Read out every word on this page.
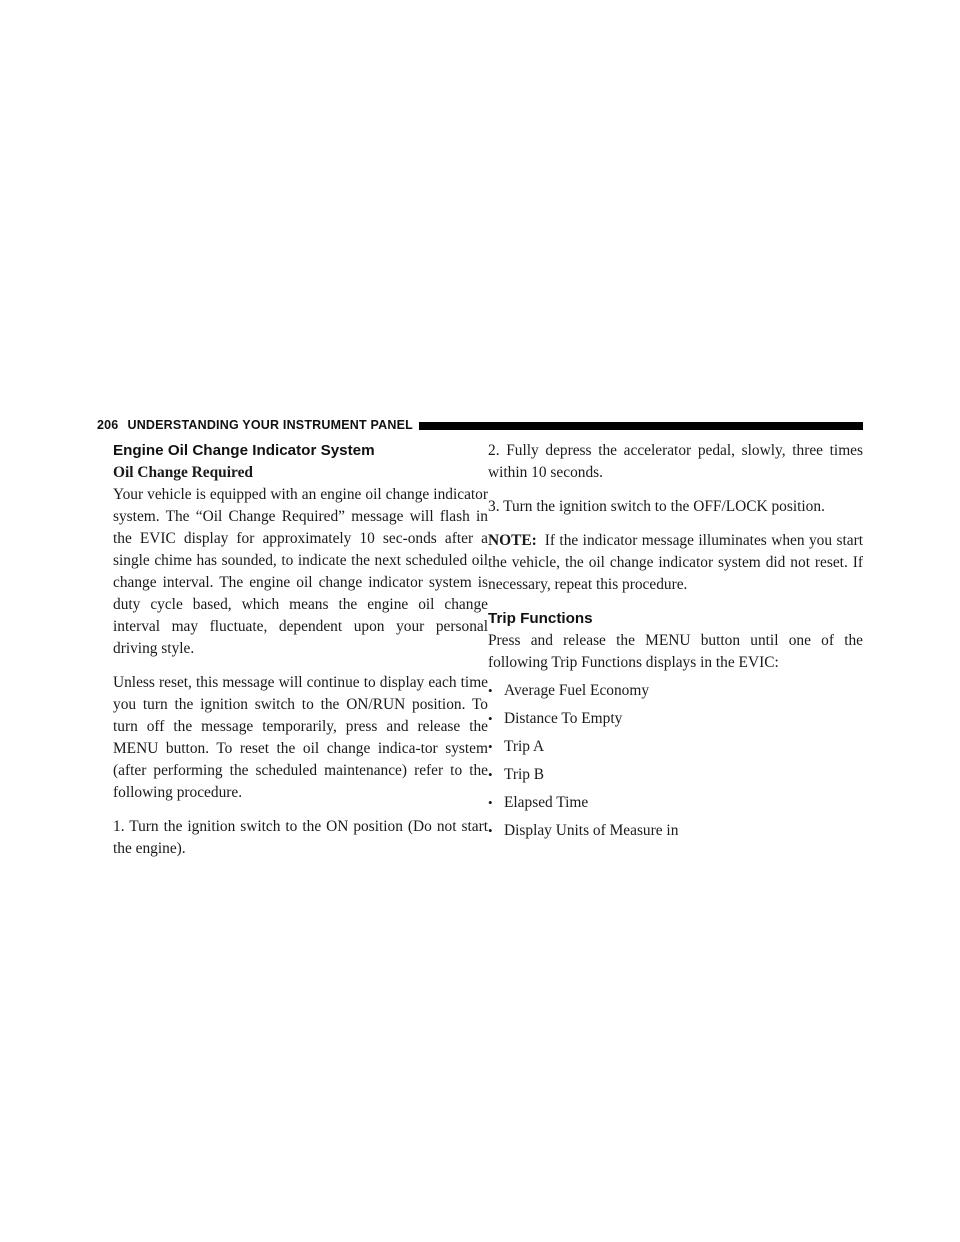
206 UNDERSTANDING YOUR INSTRUMENT PANEL

Engine Oil Change Indicator System

Oil Change Required

Your vehicle is equipped with an engine oil change indicator system. The “Oil Change Required” message will flash in the EVIC display for approximately 10 sec-onds after a single chime has sounded, to indicate the next scheduled oil change interval. The engine oil change indicator system is duty cycle based, which means the engine oil change interval may fluctuate, dependent upon your personal driving style.

Unless reset, this message will continue to display each time you turn the ignition switch to the ON/RUN position. To turn off the message temporarily, press and release the MENU button. To reset the oil change indica-tor system (after performing the scheduled maintenance) refer to the following procedure.

1. Turn the ignition switch to the ON position (Do not start the engine).

2. Fully depress the accelerator pedal, slowly, three times within 10 seconds.

3. Turn the ignition switch to the OFF/LOCK position.

NOTE: If the indicator message illuminates when you start the vehicle, the oil change indicator system did not reset. If necessary, repeat this procedure.

Trip Functions

Press and release the MENU button until one of the following Trip Functions displays in the EVIC:

• Average Fuel Economy
• Distance To Empty
• Trip A
• Trip B
• Elapsed Time
• Display Units of Measure in
